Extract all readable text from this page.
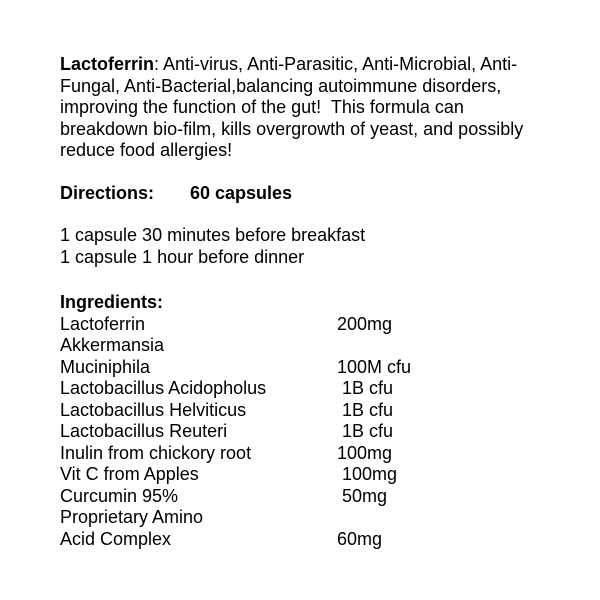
Lactoferrin: Anti-virus, Anti-Parasitic, Anti-Microbial, Anti-
Fungal, Anti-Bacterial,balancing autoimmune disorders,
improving the function of the gut!  This formula can
breakdown bio-film, kills overgrowth of yeast, and possibly
reduce food allergies!
Directions: 60 capsules
1 capsule 30 minutes before breakfast
1 capsule 1 hour before dinner
Ingredients:
Lactoferrin	200mg
Akkermansia
Muciniphila	100M cfu
Lactobacillus Acidopholus	1B cfu
Lactobacillus Helviticus	1B cfu
Lactobacillus Reuteri	1B cfu
Inulin from chickory root	100mg
Vit C from Apples	100mg
Curcumin 95%	50mg
Proprietary Amino
Acid Complex	60mg
